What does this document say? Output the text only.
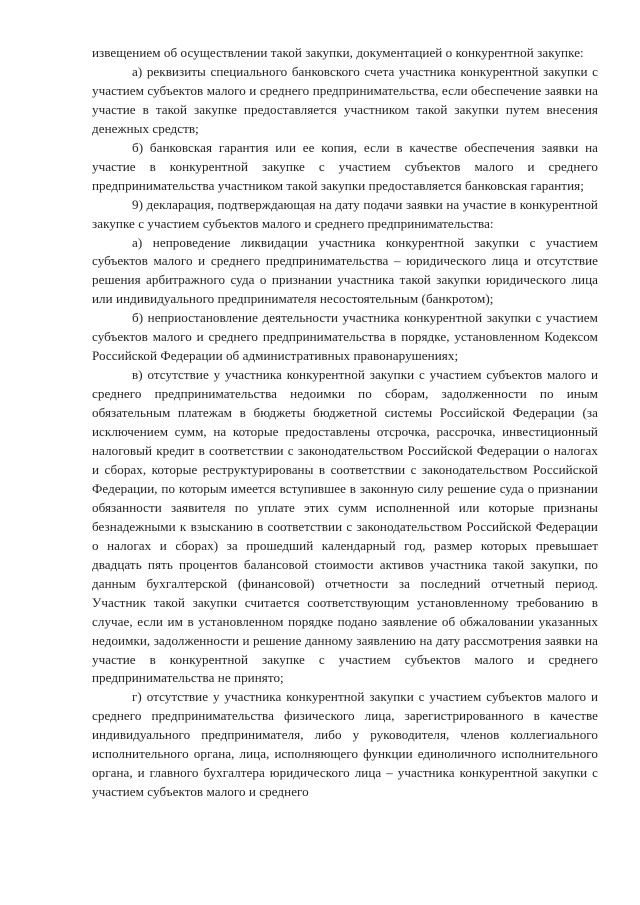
извещением об осуществлении такой закупки, документацией о конкурентной закупке:

а) реквизиты специального банковского счета участника конкурентной закупки с участием субъектов малого и среднего предпринимательства, если обеспечение заявки на участие в такой закупке предоставляется участником такой закупки путем внесения денежных средств;

б) банковская гарантия или ее копия, если в качестве обеспечения заявки на участие в конкурентной закупке с участием субъектов малого и среднего предпринимательства участником такой закупки предоставляется банковская гарантия;

9) декларация, подтверждающая на дату подачи заявки на участие в конкурентной закупке с участием субъектов малого и среднего предпринимательства:

а) непроведение ликвидации участника конкурентной закупки с участием субъектов малого и среднего предпринимательства – юридического лица и отсутствие решения арбитражного суда о признании участника такой закупки юридического лица или индивидуального предпринимателя несостоятельным (банкротом);

б) неприостановление деятельности участника конкурентной закупки с участием субъектов малого и среднего предпринимательства в порядке, установленном Кодексом Российской Федерации об административных правонарушениях;

в) отсутствие у участника конкурентной закупки с участием субъектов малого и среднего предпринимательства недоимки по сборам, задолженности по иным обязательным платежам в бюджеты бюджетной системы Российской Федерации (за исключением сумм, на которые предоставлены отсрочка, рассрочка, инвестиционный налоговый кредит в соответствии с законодательством Российской Федерации о налогах и сборах, которые реструктурированы в соответствии с законодательством Российской Федерации, по которым имеется вступившее в законную силу решение суда о признании обязанности заявителя по уплате этих сумм исполненной или которые признаны безнадежными к взысканию в соответствии с законодательством Российской Федерации о налогах и сборах) за прошедший календарный год, размер которых превышает двадцать пять процентов балансовой стоимости активов участника такой закупки, по данным бухгалтерской (финансовой) отчетности за последний отчетный период. Участник такой закупки считается соответствующим установленному требованию в случае, если им в установленном порядке подано заявление об обжаловании указанных недоимки, задолженности и решение данному заявлению на дату рассмотрения заявки на участие в конкурентной закупке с участием субъектов малого и среднего предпринимательства не принято;

г) отсутствие у участника конкурентной закупки с участием субъектов малого и среднего предпринимательства физического лица, зарегистрированного в качестве индивидуального предпринимателя, либо у руководителя, членов коллегиального исполнительного органа, лица, исполняющего функции единоличного исполнительного органа, и главного бухгалтера юридического лица – участника конкурентной закупки с участием субъектов малого и среднего
